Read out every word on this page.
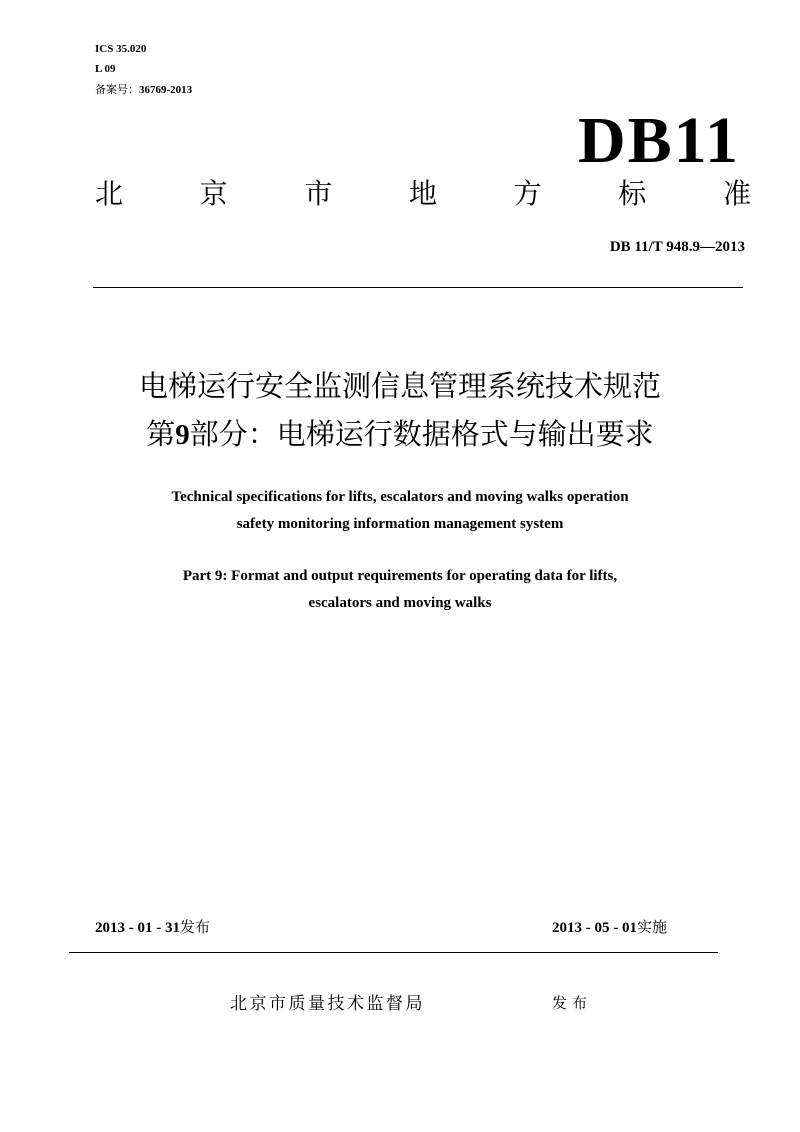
ICS 35.020
L 09
备案号：36769-2013
DB11
北	京	市	地	方	标	准
DB 11/T 948.9—2013
电梯运行安全监测信息管理系统技术规范
第9部分：电梯运行数据格式与输出要求
Technical specifications for lifts, escalators and moving walks operation
safety monitoring information management system
Part 9: Format and output requirements for operating data for lifts,
escalators and moving walks
2013 - 01 - 31发布	2013 - 05 - 01实施
北京市质量技术监督局	发布
